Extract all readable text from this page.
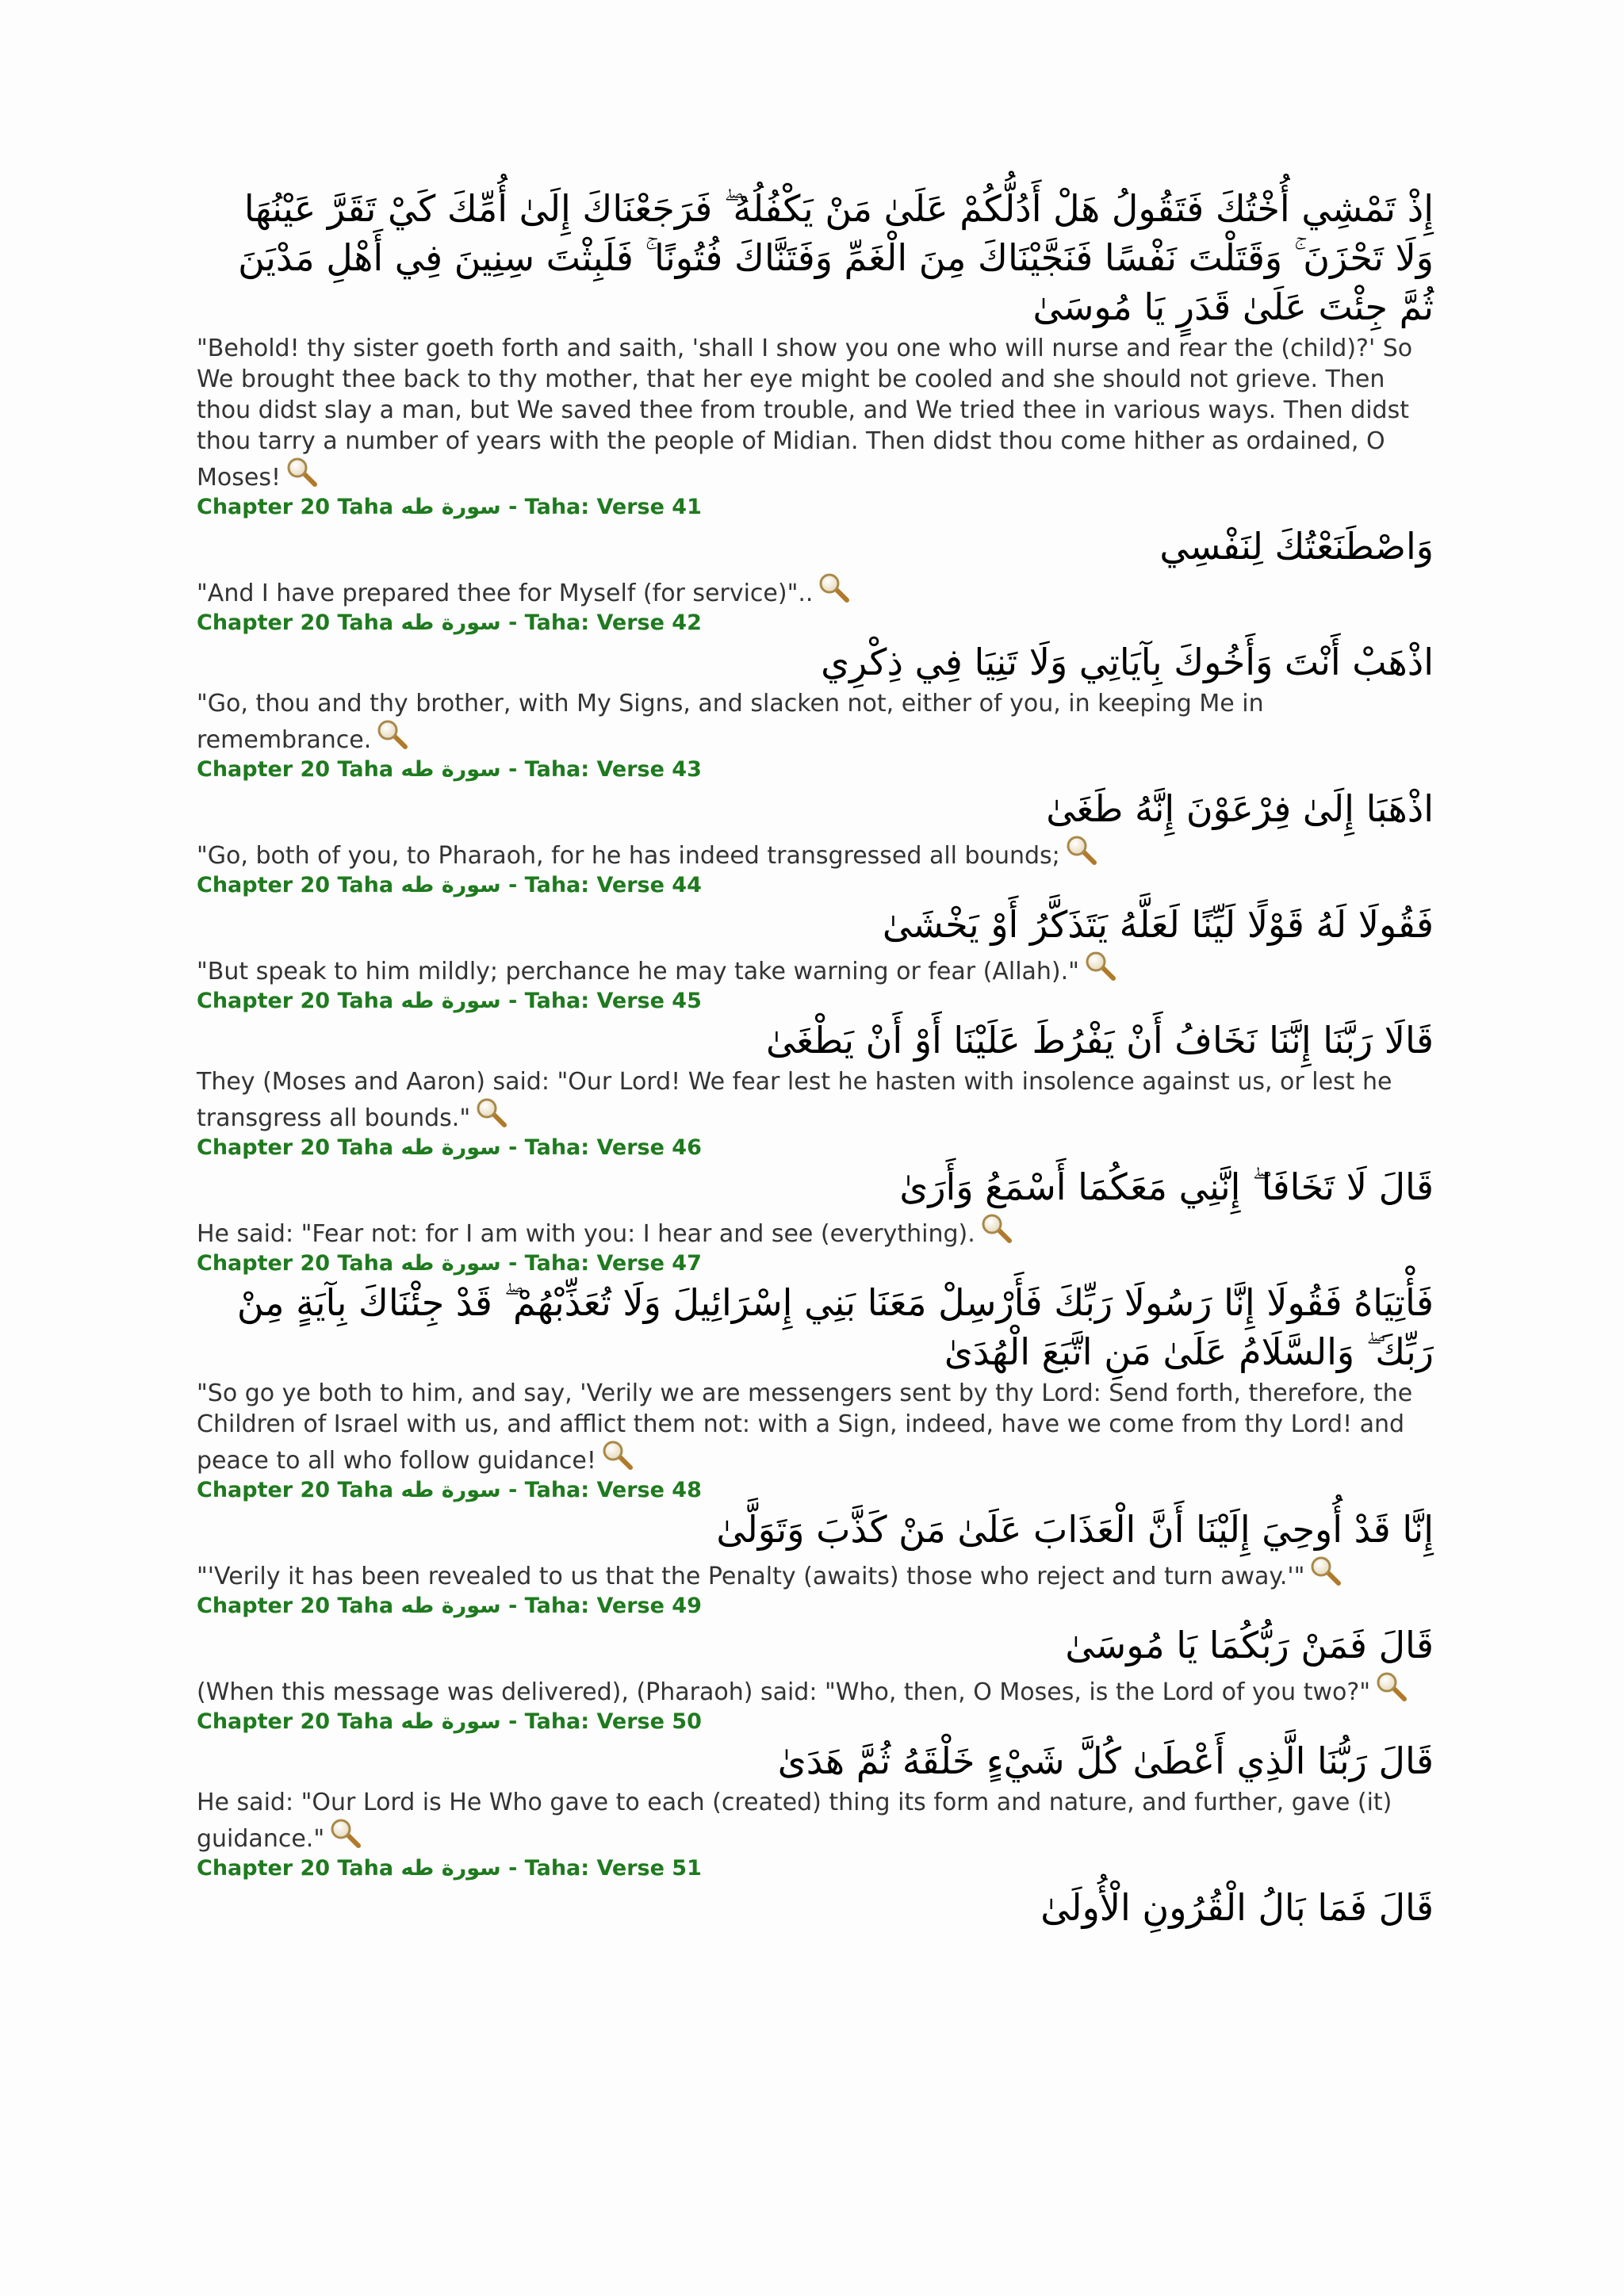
إِذْ تَمْشِي أُخْتُكَ فَتَقُولُ هَلْ أَدُلُّكُمْ عَلَىٰ مَنْ يَكْفُلُهُ ۖ فَرَجَعْنَاكَ إِلَىٰ أُمِّكَ كَيْ تَقَرَّ عَيْنُهَا وَلَا تَحْزَنَ ۚ وَقَتَلْتَ نَفْسًا فَنَجَّيْنَاكَ مِنَ الْغَمِّ وَفَتَنَّاكَ فُتُونًا ۚ فَلَبِثْتَ سِنِينَ فِي أَهْلِ مَدْيَنَ ثُمَّ جِئْتَ عَلَىٰ قَدَرٍ يَا مُوسَىٰ

"Behold! thy sister goeth forth and saith, 'shall I show you one who will nurse and rear the (child)?' So We brought thee back to thy mother, that her eye might be cooled and she should not grieve. Then thou didst slay a man, but We saved thee from trouble, and We tried thee in various ways. Then didst thou tarry a number of years with the people of Midian. Then didst thou come hither as ordained, O Moses!

Chapter 20 Taha سورة طه - Taha: Verse 41

وَاصْطَنَعْتُكَ لِنَفْسِي

"And I have prepared thee for Myself (for service)"..

Chapter 20 Taha سورة طه - Taha: Verse 42

اذْهَبْ أَنْتَ وَأَخُوكَ بِآيَاتِي وَلَا تَنِيَا فِي ذِكْرِي

"Go, thou and thy brother, with My Signs, and slacken not, either of you, in keeping Me in remembrance.

Chapter 20 Taha سورة طه - Taha: Verse 43

اذْهَبَا إِلَىٰ فِرْعَوْنَ إِنَّهُ طَغَىٰ

"Go, both of you, to Pharaoh, for he has indeed transgressed all bounds;

Chapter 20 Taha سورة طه - Taha: Verse 44

فَقُولَا لَهُ قَوْلًا لَيِّنًا لَعَلَّهُ يَتَذَكَّرُ أَوْ يَخْشَىٰ

"But speak to him mildly; perchance he may take warning or fear (Allah)."

Chapter 20 Taha سورة طه - Taha: Verse 45

قَالَا رَبَّنَا إِنَّنَا نَخَافُ أَنْ يَفْرُطَ عَلَيْنَا أَوْ أَنْ يَطْغَىٰ

They (Moses and Aaron) said: "Our Lord! We fear lest he hasten with insolence against us, or lest he transgress all bounds."

Chapter 20 Taha سورة طه - Taha: Verse 46

قَالَ لَا تَخَافَا ۖ إِنَّنِي مَعَكُمَا أَسْمَعُ وَأَرَىٰ

He said: "Fear not: for I am with you: I hear and see (everything).

Chapter 20 Taha سورة طه - Taha: Verse 47

فَأْتِيَاهُ فَقُولَا إِنَّا رَسُولَا رَبِّكَ فَأَرْسِلْ مَعَنَا بَنِي إِسْرَائِيلَ وَلَا تُعَذِّبْهُمْ ۖ قَدْ جِئْنَاكَ بِآيَةٍ مِنْ رَبِّكَ ۖ وَالسَّلَامُ عَلَىٰ مَنِ اتَّبَعَ الْهُدَىٰ

"So go ye both to him, and say, 'Verily we are messengers sent by thy Lord: Send forth, therefore, the Children of Israel with us, and afflict them not: with a Sign, indeed, have we come from thy Lord! and peace to all who follow guidance!

Chapter 20 Taha سورة طه - Taha: Verse 48

إِنَّا قَدْ أُوحِيَ إِلَيْنَا أَنَّ الْعَذَابَ عَلَىٰ مَنْ كَذَّبَ وَتَوَلَّىٰ

"'Verily it has been revealed to us that the Penalty (awaits) those who reject and turn away.'"

Chapter 20 Taha سورة طه - Taha: Verse 49

قَالَ فَمَنْ رَبُّكُمَا يَا مُوسَىٰ

(When this message was delivered), (Pharaoh) said: "Who, then, O Moses, is the Lord of you two?"

Chapter 20 Taha سورة طه - Taha: Verse 50

قَالَ رَبُّنَا الَّذِي أَعْطَىٰ كُلَّ شَيْءٍ خَلْقَهُ ثُمَّ هَدَىٰ

He said: "Our Lord is He Who gave to each (created) thing its form and nature, and further, gave (it) guidance."

Chapter 20 Taha سورة طه - Taha: Verse 51

قَالَ فَمَا بَالُ الْقُرُونِ الْأُولَىٰ
